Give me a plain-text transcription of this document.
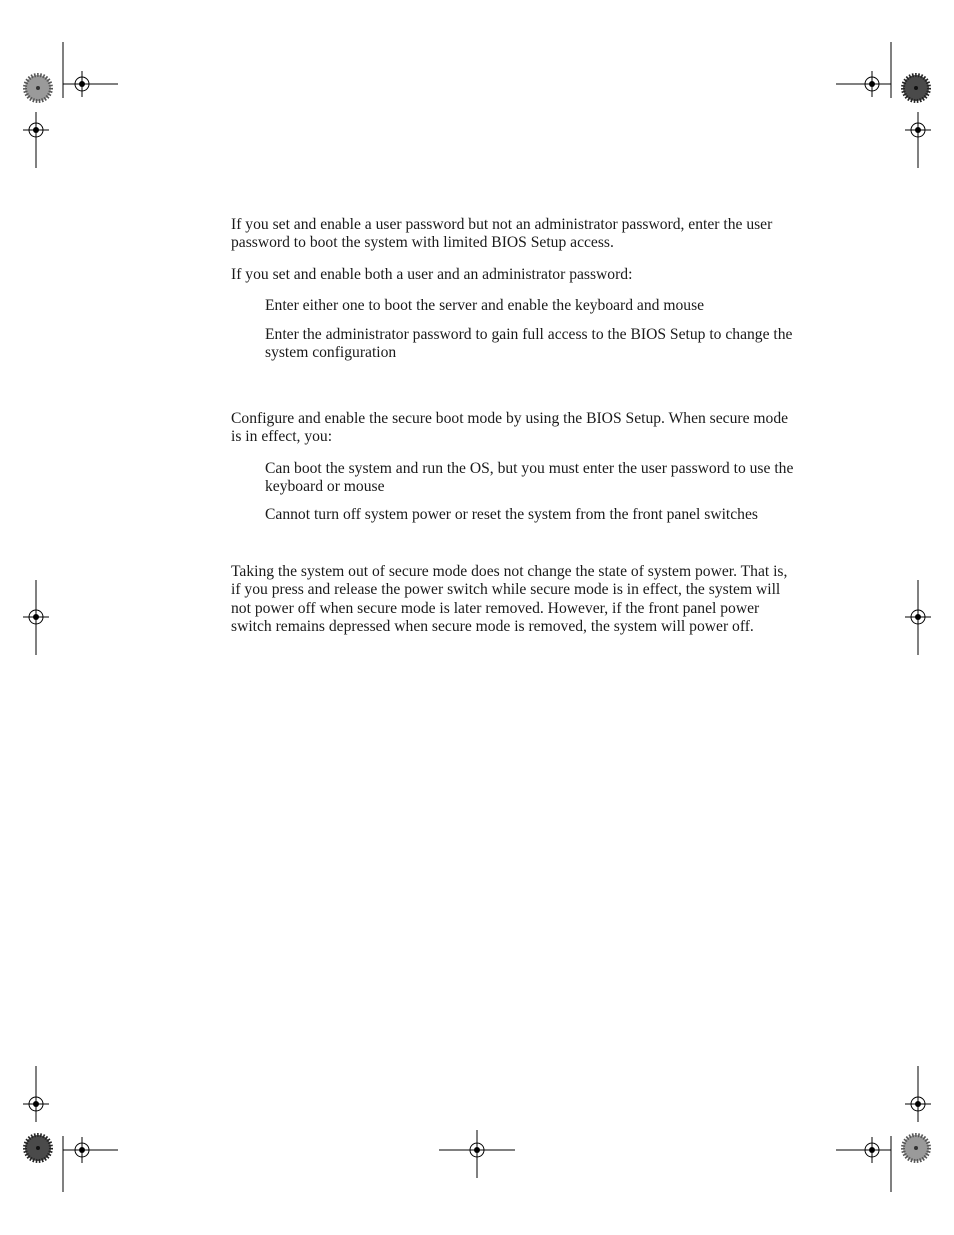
If you set and enable a user password but not an administrator password, enter the user password to boot the system with limited BIOS Setup access.

If you set and enable both a user and an administrator password:

Enter either one to boot the server and enable the keyboard and mouse

Enter the administrator password to gain full access to the BIOS Setup to change the system configuration

Configure and enable the secure boot mode by using the BIOS Setup. When secure mode is in effect, you:

Can boot the system and run the OS, but you must enter the user password to use the keyboard or mouse

Cannot turn off system power or reset the system from the front panel switches

Taking the system out of secure mode does not change the state of system power. That is, if you press and release the power switch while secure mode is in effect, the system will not power off when secure mode is later removed. However, if the front panel power switch remains depressed when secure mode is removed, the system will power off.
